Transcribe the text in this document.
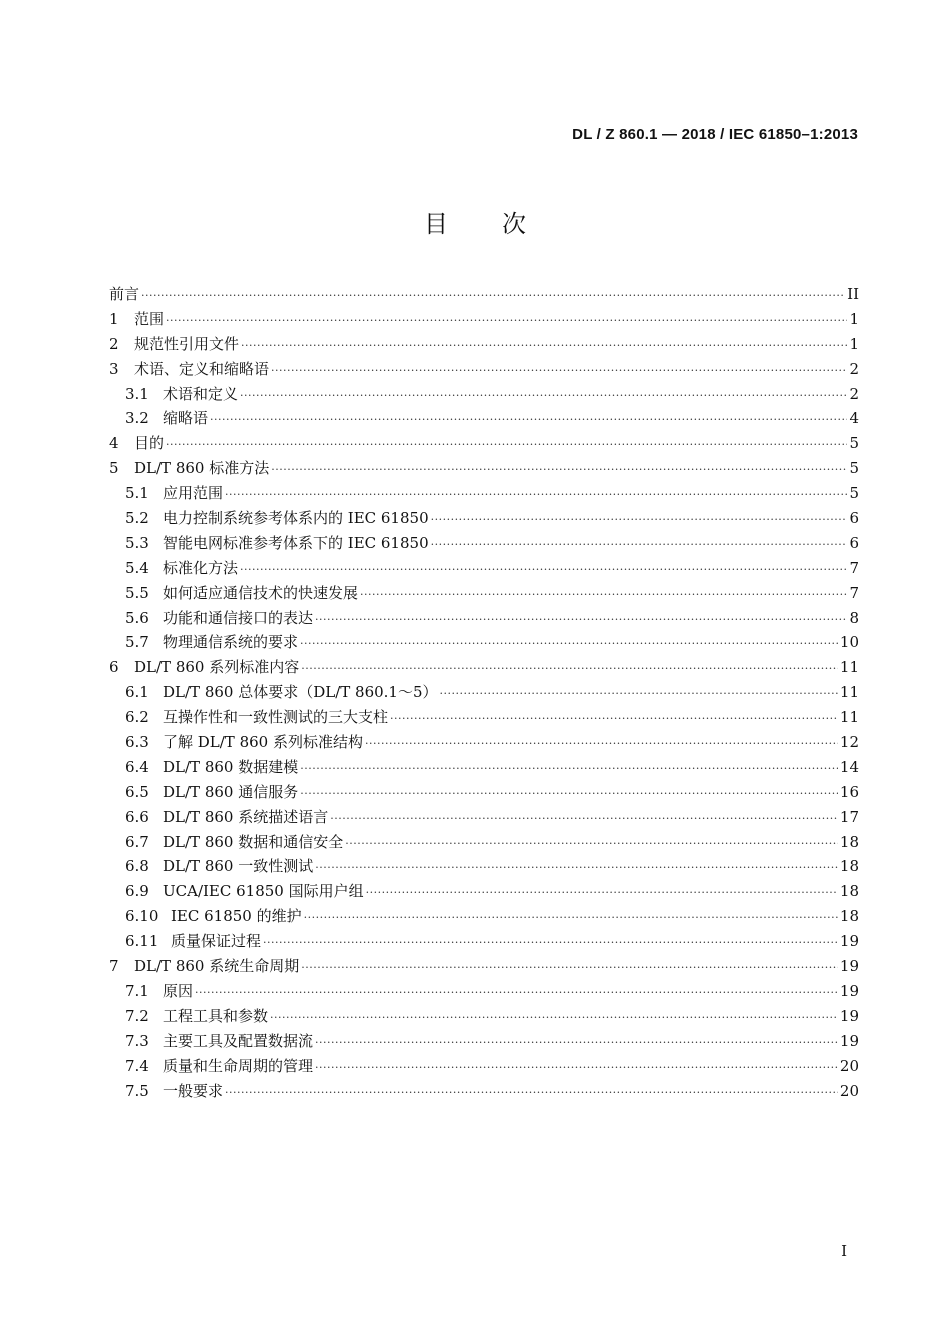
DL / Z 860.1 — 2018 / IEC 61850–1:2013
目 次
前言 ·····	II
1	范围 ·····	1
2	规范性引用文件 ·····	1
3	术语、定义和缩略语 ·····	2
3.1 术语和定义 ·····	2
3.2 缩略语 ·····	4
4	目的 ·····	5
5	DL/T 860 标准方法 ·····	5
5.1 应用范围 ·····	5
5.2 电力控制系统参考体系内的 IEC 61850 ·····	6
5.3 智能电网标准参考体系下的 IEC 61850 ·····	6
5.4 标准化方法 ·····	7
5.5 如何适应通信技术的快速发展 ·····	7
5.6 功能和通信接口的表达 ·····	8
5.7 物理通信系统的要求 ·····	10
6	DL/T 860 系列标准内容 ·····	11
6.1 DL/T 860 总体要求（DL/T 860.1～5） ·····	11
6.2 互操作性和一致性测试的三大支柱 ·····	11
6.3 了解 DL/T 860 系列标准结构 ·····	12
6.4 DL/T 860 数据建模 ·····	14
6.5 DL/T 860 通信服务 ·····	16
6.6 DL/T 860 系统描述语言 ·····	17
6.7 DL/T 860 数据和通信安全 ·····	18
6.8 DL/T 860 一致性测试 ·····	18
6.9 UCA/IEC 61850 国际用户组 ·····	18
6.10 IEC 61850 的维护 ·····	18
6.11 质量保证过程 ·····	19
7	DL/T 860 系统生命周期 ·····	19
7.1 原因 ·····	19
7.2 工程工具和参数 ·····	19
7.3 主要工具及配置数据流 ·····	19
7.4 质量和生命周期的管理 ·····	20
7.5 一般要求 ·····	20
I
